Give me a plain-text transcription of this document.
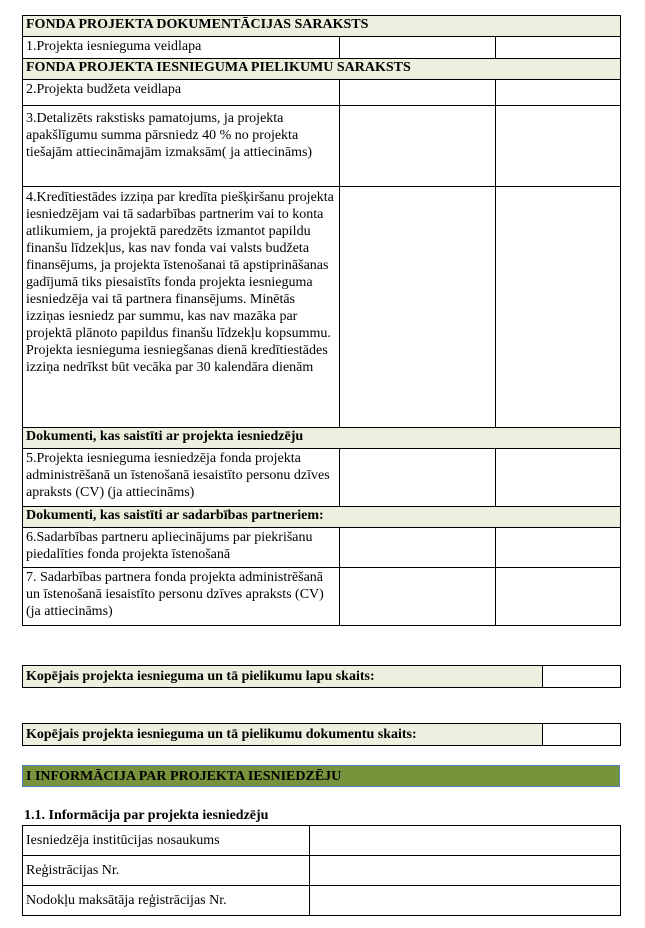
FONDA PROJEKTA DOKUMENTĀCIJAS SARAKSTS		
1.Projekta iesnieguma veidlapa		
FONDA PROJEKTA IESNIEGUMA PIELIKUMU SARAKSTS		
2.Projekta budžeta veidlapa		
3.Detalizēts rakstisks pamatojums, ja projekta apakšlīgumu summa pārsniedz 40 % no projekta tiešajām attiecināmajām izmaksām( ja attiecināms)		
4.Kredītiestādes izziņa par kredīta piešķiršanu projekta iesniedzējam vai tā sadarbības partnerim vai to konta atlikumiem, ja projektā paredzēts izmantot papildu finanšu līdzekļus, kas nav fonda vai valsts budžeta finansējums, ja projekta īstenošanai tā apstiprināšanas gadījumā tiks piesaistīts fonda projekta iesnieguma iesniedzēja vai tā partnera finansējums. Minētās izziņas iesniedz par summu, kas nav mazāka par projektā plānoto papildus finanšu līdzekļu kopsummu. Projekta iesnieguma iesniegšanas dienā kredītiestādes izziņa nedrīkst būt vecāka par 30 kalendāra dienām		
Dokumenti, kas saistīti ar projekta iesniedzēju		
5.Projekta iesnieguma iesniedzēja fonda projekta administrēšanā un īstenošanā iesaistīto personu dzīves apraksts (CV) (ja attiecināms)		
Dokumenti, kas saistīti ar sadarbības partneriem:		
6.Sadarbības partneru apliecinājums par piekrišanu piedalīties fonda projekta īstenošanā		
7. Sadarbības partnera fonda projekta administrēšanā un īstenošanā iesaistīto personu dzīves apraksts (CV) (ja attiecināms)		
Kopējais projekta iesnieguma un tā pielikumu lapu skaits:	
Kopējais projekta iesnieguma un tā pielikumu dokumentu skaits:	
I INFORMĀCIJA PAR PROJEKTA IESNIEDZĒJU
1.1. Informācija par projekta iesniedzēju
Iesniedzēja institūcijas nosaukums	
Reģistrācijas Nr.	
Nodokļu maksātāja reģistrācijas Nr.	
